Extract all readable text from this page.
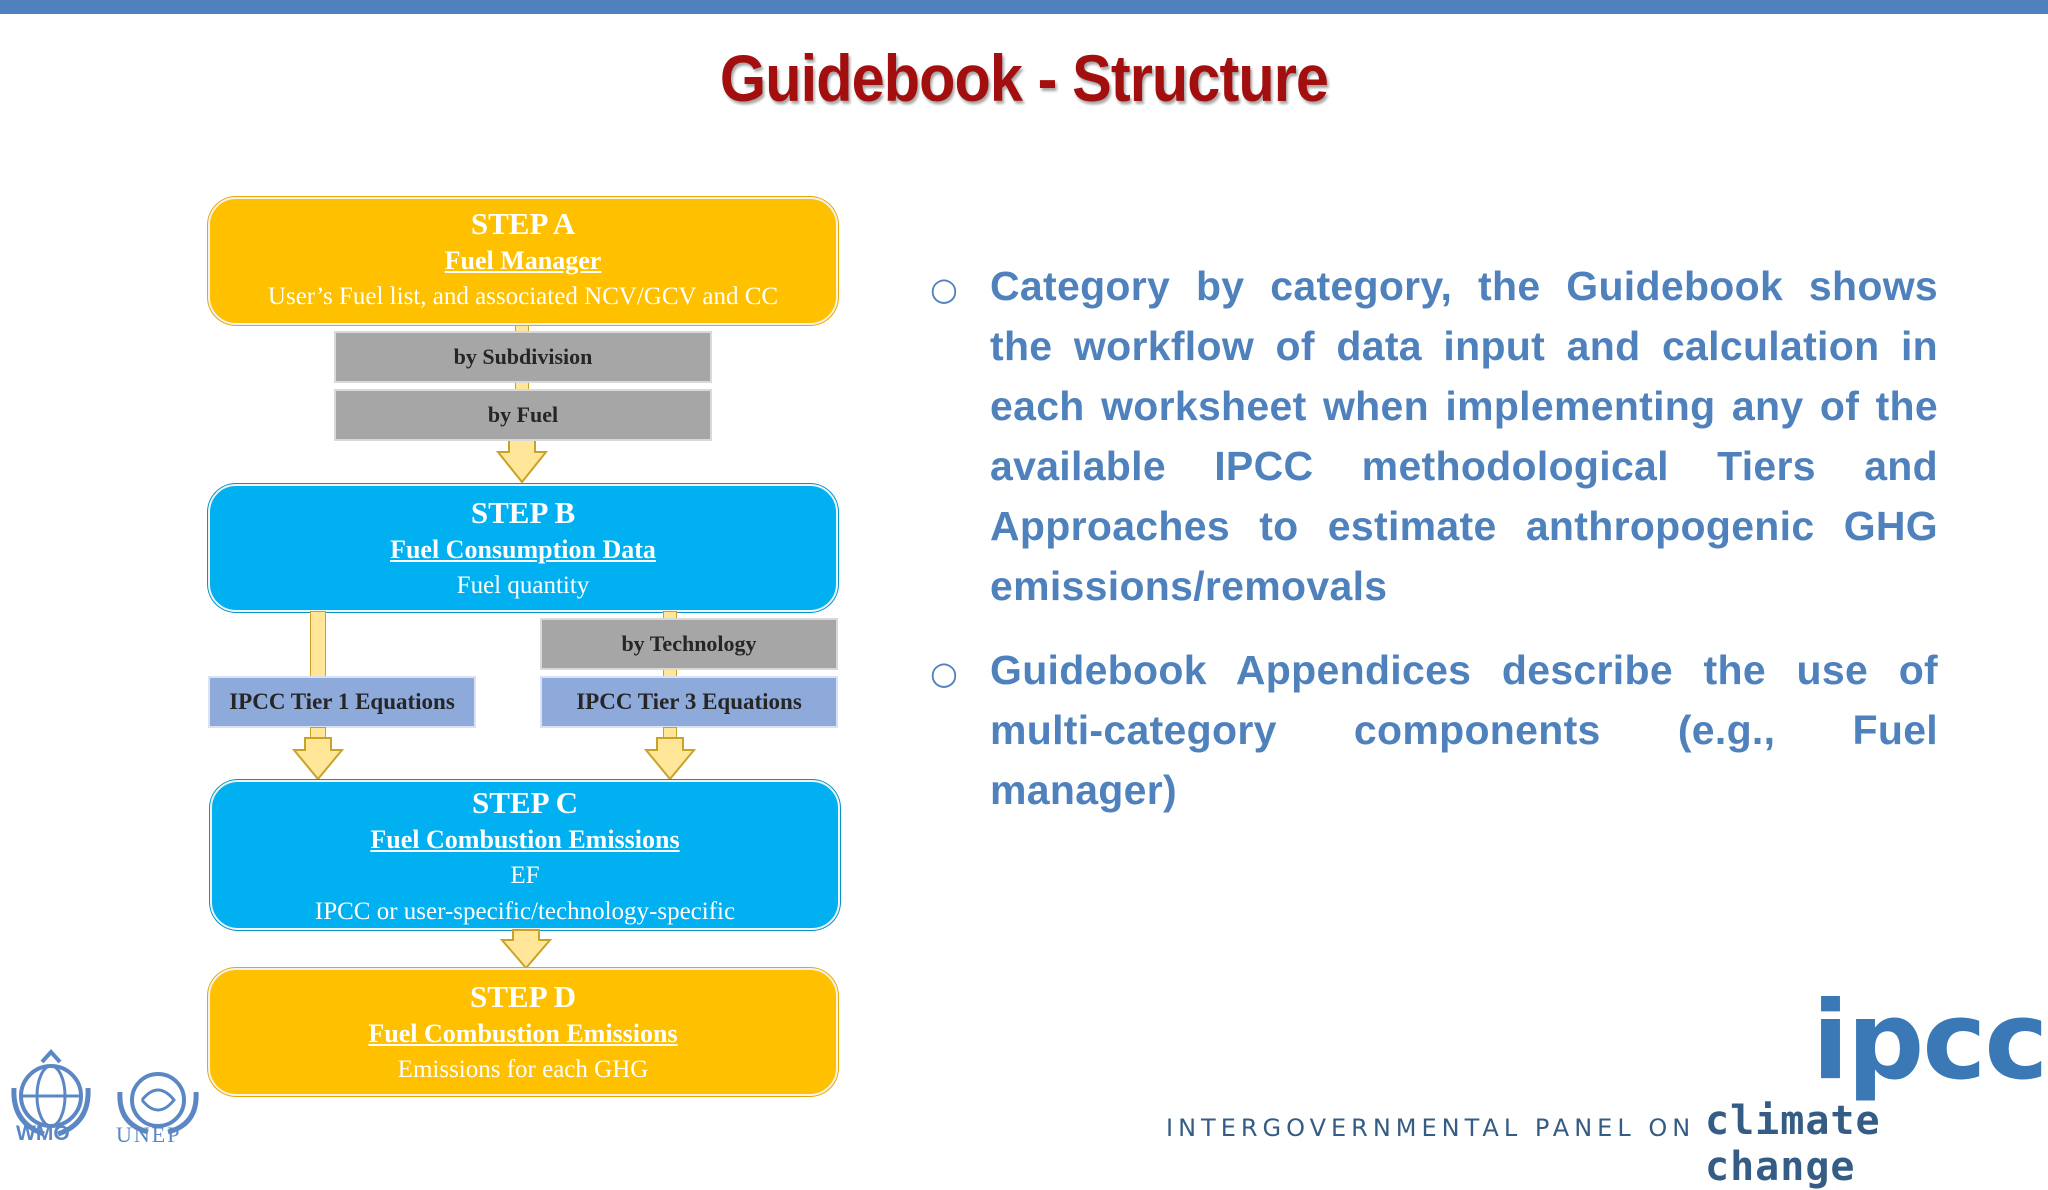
Guidebook - Structure
STEP A
Fuel Manager
User’s Fuel list, and associated NCV/GCV and CC
by Subdivision
by Fuel
STEP B
Fuel Consumption Data
Fuel quantity
IPCC Tier 1 Equations
by Technology
IPCC Tier 3 Equations
STEP C
Fuel Combustion Emissions
EF
IPCC or user-specific/technology-specific
STEP D
Fuel Combustion Emissions
Emissions for each GHG
○ Category by category, the Guidebook shows the workflow of data input and calculation in each worksheet when implementing any of the available IPCC methodological Tiers and Approaches to estimate anthropogenic GHG emissions/removals
○ Guidebook Appendices describe the use of multi-category components (e.g., Fuel manager)
WMO UNEP
ipcc
INTERGOVERNMENTAL PANEL ON climate change
